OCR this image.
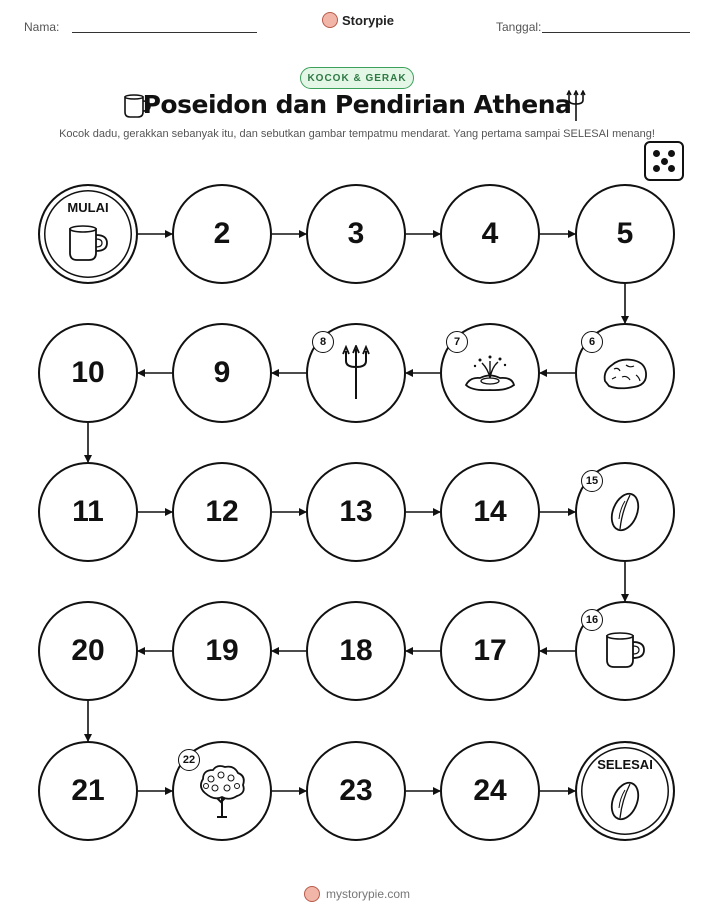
Nama:	Storypie	Tanggal:
KOCOK & GERAK
Poseidon dan Pendirian Athena
Kocok dadu, gerakkan sebanyak itu, dan sebutkan gambar tempatmu mendarat. Yang pertama sampai SELESAI menang!
MULAI
2	3	4	5
6
7
8
9
10
11	12	13	14
15
16
17
18
19
20
21
22
23	24
SELESAI
mystorypie.com
